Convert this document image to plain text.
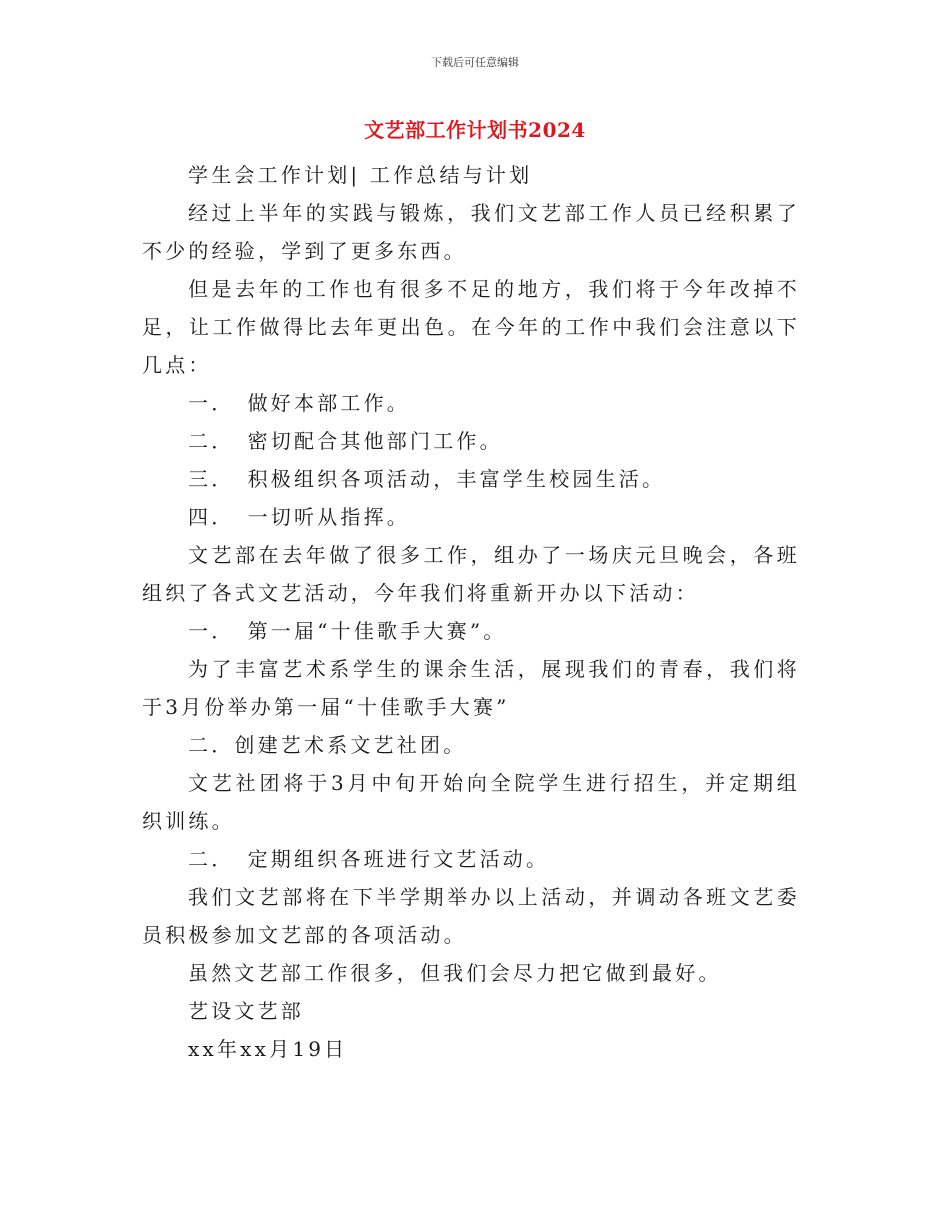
下载后可任意编辑
文艺部工作计划书2024

学生会工作计划| 工作总结与计划

经过上半年的实践与锻炼，我们文艺部工作人员已经积累了不少的经验，学到了更多东西。

但是去年的工作也有很多不足的地方，我们将于今年改掉不足，让工作做得比去年更出色。在今年的工作中我们会注意以下几点：

一．　做好本部工作。

二．　密切配合其他部门工作。

三．　积极组织各项活动，丰富学生校园生活。

四．　一切听从指挥。

文艺部在去年做了很多工作，组办了一场庆元旦晚会，各班组织了各式文艺活动，今年我们将重新开办以下活动：

一．　第一届“十佳歌手大赛”。

为了丰富艺术系学生的课余生活，展现我们的青春，我们将于3月份举办第一届“十佳歌手大赛”

二．创建艺术系文艺社团。

文艺社团将于3月中旬开始向全院学生进行招生，并定期组织训练。

二．　定期组织各班进行文艺活动。

我们文艺部将在下半学期举办以上活动，并调动各班文艺委员积极参加文艺部的各项活动。

虽然文艺部工作很多，但我们会尽力把它做到最好。

艺设文艺部

xx年xx月19日
